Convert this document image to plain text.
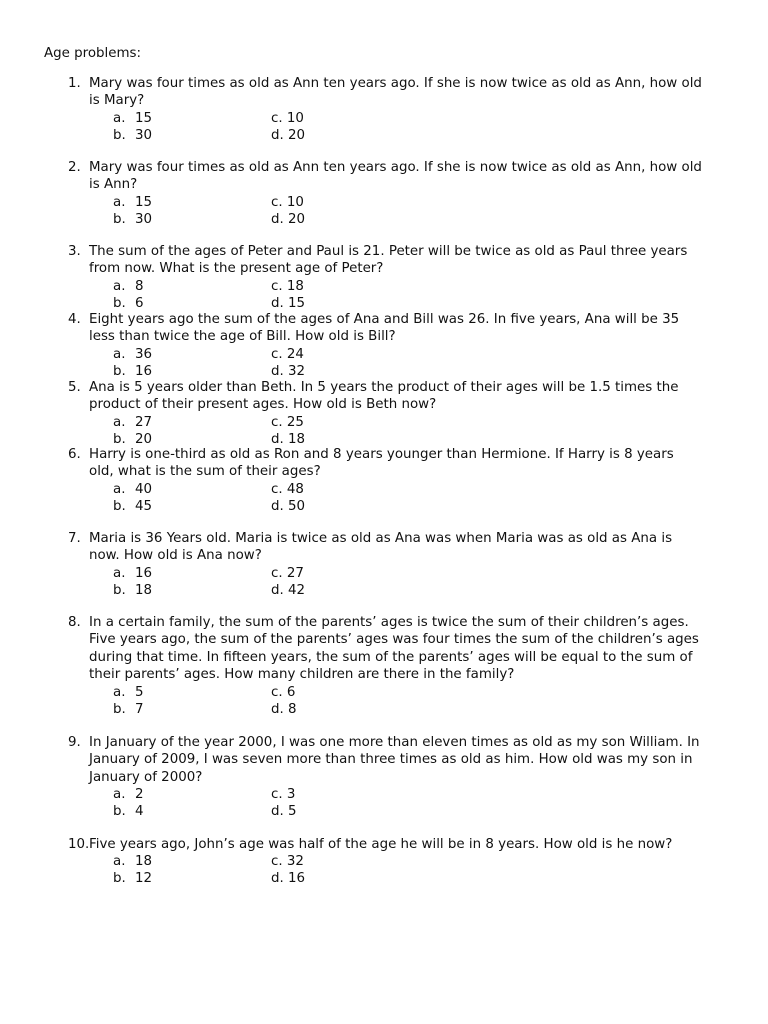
Age problems:
1. Mary was four times as old as Ann ten years ago. If she is now twice as old as Ann, how old
is Mary?
a. 15	c. 10
b. 30	d. 20
2. Mary was four times as old as Ann ten years ago. If she is now twice as old as Ann, how old
is Ann?
a. 15	c. 10
b. 30	d. 20
3. The sum of the ages of Peter and Paul is 21. Peter will be twice as old as Paul three years
from now. What is the present age of Peter?
a. 8	c. 18
b. 6	d. 15
4. Eight years ago the sum of the ages of Ana and Bill was 26. In five years, Ana will be 35
less than twice the age of Bill. How old is Bill?
a. 36	c. 24
b. 16	d. 32
5. Ana is 5 years older than Beth. In 5 years the product of their ages will be 1.5 times the
product of their present ages. How old is Beth now?
a. 27	c. 25
b. 20	d. 18
6. Harry is one-third as old as Ron and 8 years younger than Hermione. If Harry is 8 years
old, what is the sum of their ages?
a. 40	c. 48
b. 45	d. 50
7. Maria is 36 Years old. Maria is twice as old as Ana was when Maria was as old as Ana is
now. How old is Ana now?
a. 16	c. 27
b. 18	d. 42
8. In a certain family, the sum of the parents’ ages is twice the sum of their children’s ages.
Five years ago, the sum of the parents’ ages was four times the sum of the children’s ages
during that time. In fifteen years, the sum of the parents’ ages will be equal to the sum of
their parents’ ages. How many children are there in the family?
a. 5	c. 6
b. 7	d. 8
9. In January of the year 2000, I was one more than eleven times as old as my son William. In
January of 2009, I was seven more than three times as old as him. How old was my son in
January of 2000?
a. 2	c. 3
b. 4	d. 5
10. Five years ago, John’s age was half of the age he will be in 8 years. How old is he now?
a. 18	c. 32
b. 12	d. 16
